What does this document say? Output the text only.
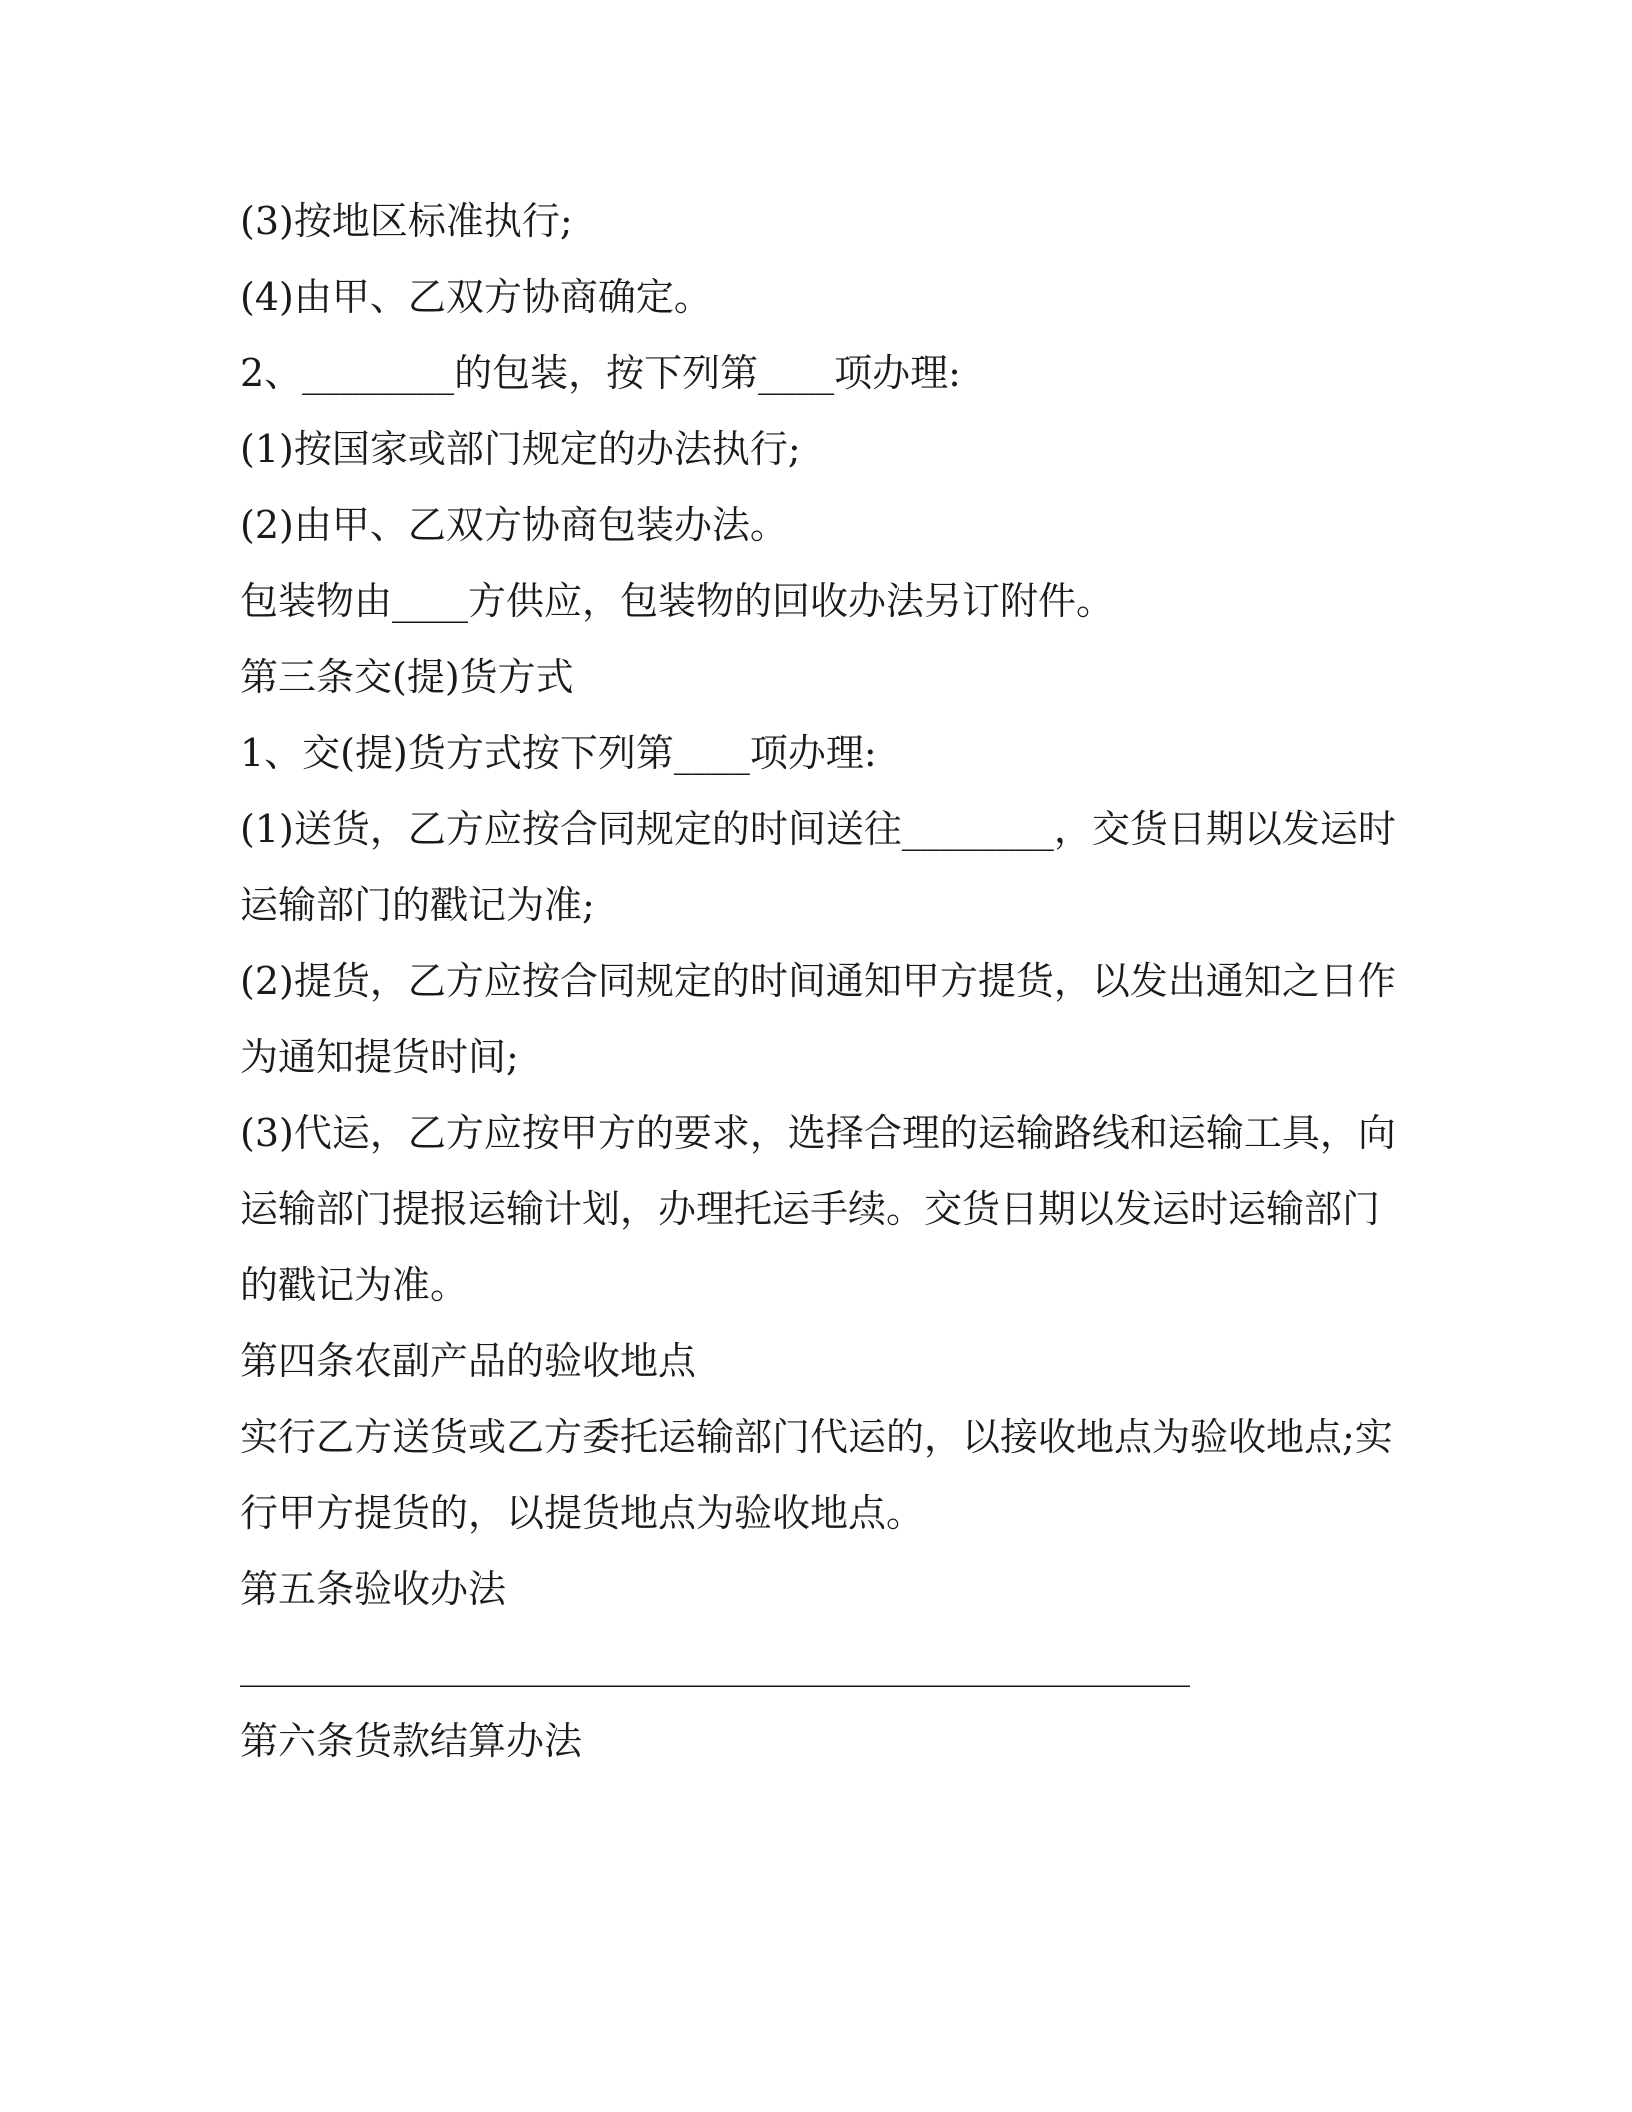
(3)按地区标准执行;

(4)由甲、乙双方协商确定。

2、________的包装，按下列第____项办理:

(1)按国家或部门规定的办法执行;

(2)由甲、乙双方协商包装办法。

包装物由____方供应，包装物的回收办法另订附件。

第三条交(提)货方式

1、交(提)货方式按下列第____项办理:

(1)送货，乙方应按合同规定的时间送往________，交货日期以发运时运输部门的戳记为准;

(2)提货，乙方应按合同规定的时间通知甲方提货，以发出通知之日作为通知提货时间;

(3)代运，乙方应按甲方的要求，选择合理的运输路线和运输工具，向运输部门提报运输计划，办理托运手续。交货日期以发运时运输部门的戳记为准。

第四条农副产品的验收地点

实行乙方送货或乙方委托运输部门代运的，以接收地点为验收地点;实行甲方提货的，以提货地点为验收地点。

第五条验收办法

__________________________________________________

第六条货款结算办法
